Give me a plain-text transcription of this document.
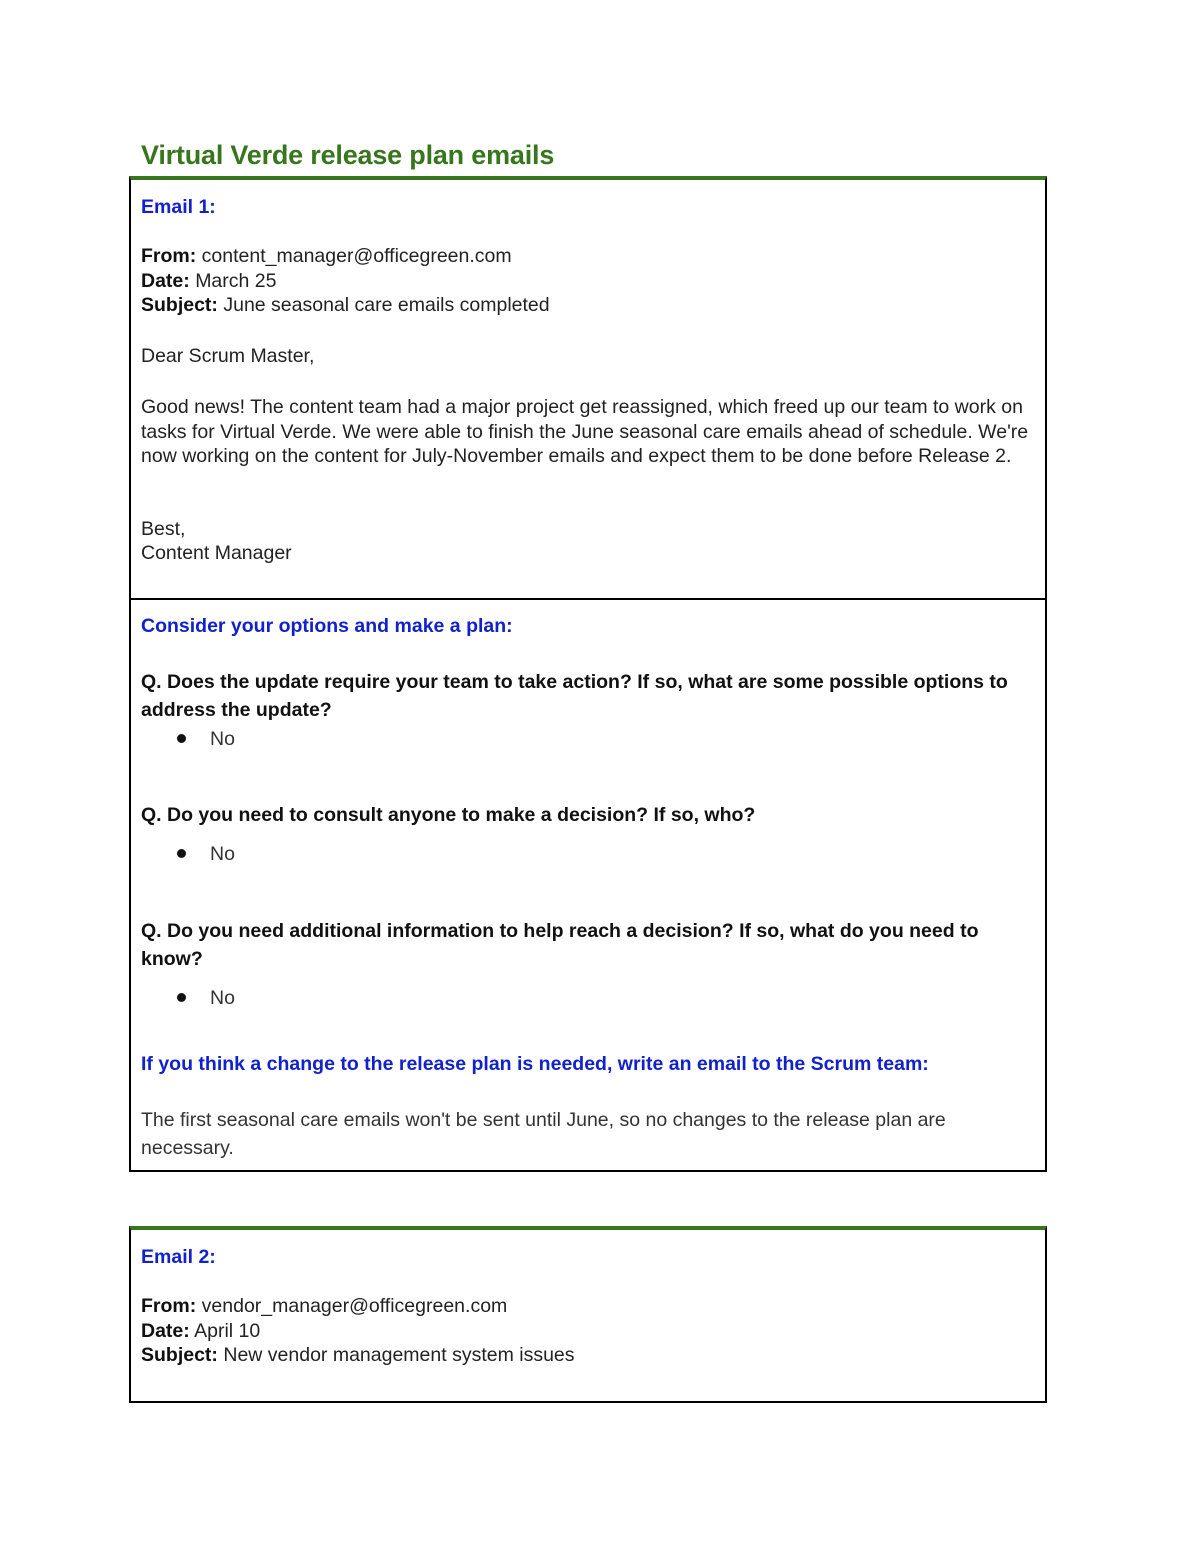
Virtual Verde release plan emails
Email 1:
From: content_manager@officegreen.com
Date: March 25
Subject: June seasonal care emails completed
Dear Scrum Master,
Good news! The content team had a major project get reassigned, which freed up our team to work on tasks for Virtual Verde. We were able to finish the June seasonal care emails ahead of schedule. We're now working on the content for July-November emails and expect them to be done before Release 2.
Best,
Content Manager
Consider your options and make a plan:
Q. Does the update require your team to take action? If so, what are some possible options to address the update?
No
Q. Do you need to consult anyone to make a decision? If so, who?
No
Q. Do you need additional information to help reach a decision? If so, what do you need to know?
No
If you think a change to the release plan is needed, write an email to the Scrum team:
The first seasonal care emails won't be sent until June, so no changes to the release plan are necessary.
Email 2:
From: vendor_manager@officegreen.com
Date: April 10
Subject: New vendor management system issues
